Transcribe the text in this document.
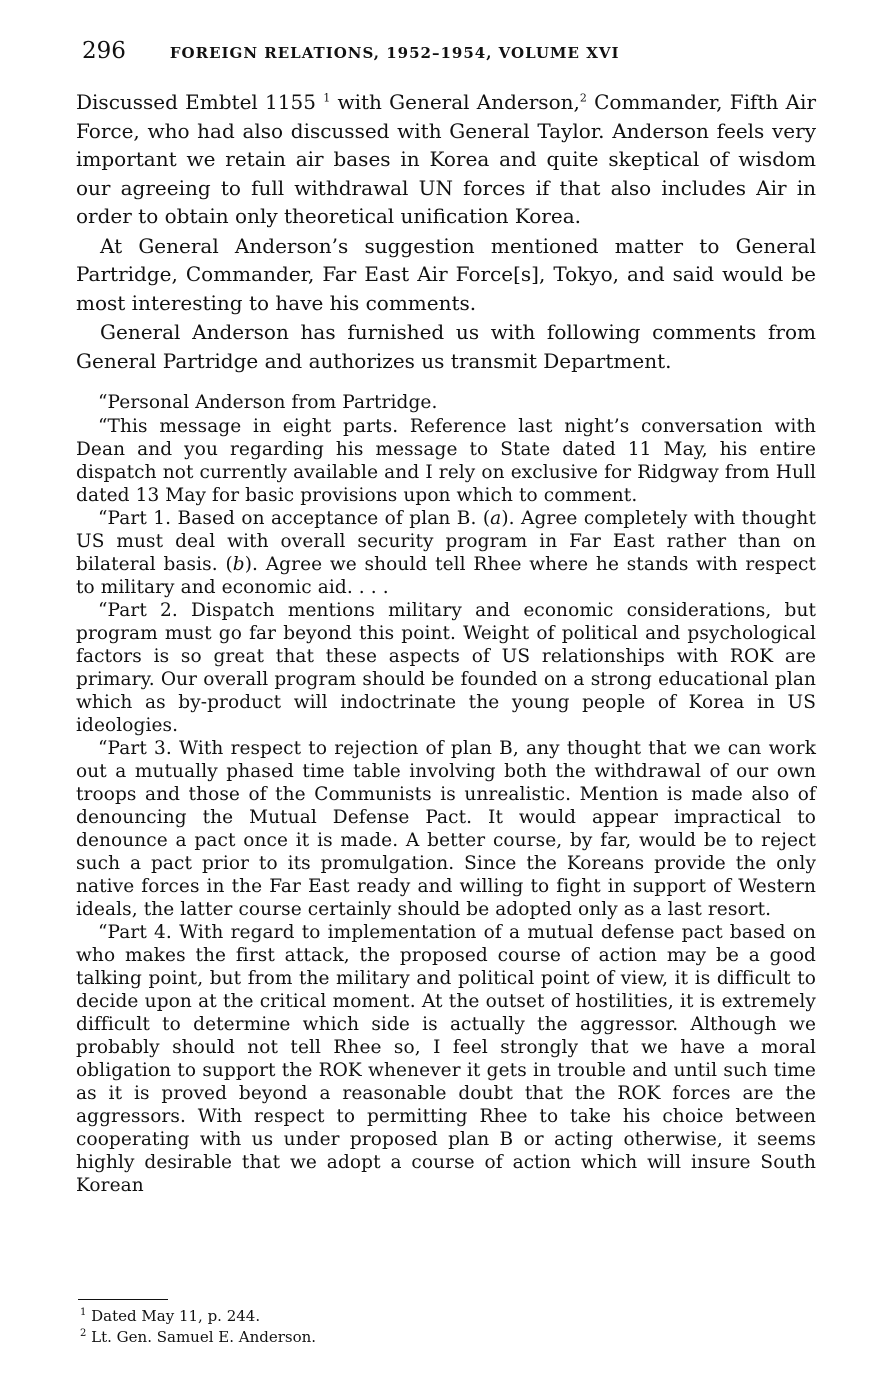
296	FOREIGN RELATIONS, 1952–1954, VOLUME XVI

Discussed Embtel 1155 $^1$ with General Anderson,$^2$ Commander, Fifth Air Force, who had also discussed with General Taylor. Anderson feels very important we retain air bases in Korea and quite skeptical of wisdom our agreeing to full withdrawal UN forces if that also includes Air in order to obtain only theoretical unification Korea.

At General Anderson’s suggestion mentioned matter to General Partridge, Commander, Far East Air Force[s], Tokyo, and said would be most interesting to have his comments.

General Anderson has furnished us with following comments from General Partridge and authorizes us transmit Department.

“Personal Anderson from Partridge.

“This message in eight parts. Reference last night’s conversation with Dean and you regarding his message to State dated 11 May, his entire dispatch not currently available and I rely on exclusive for Ridgway from Hull dated 13 May for basic provisions upon which to comment.

“Part 1. Based on acceptance of plan B. (a). Agree completely with thought US must deal with overall security program in Far East rather than on bilateral basis. (b). Agree we should tell Rhee where he stands with respect to military and economic aid. . . .

“Part 2. Dispatch mentions military and economic considerations, but program must go far beyond this point. Weight of political and psychological factors is so great that these aspects of US relationships with ROK are primary. Our overall program should be founded on a strong educational plan which as by-product will indoctrinate the young people of Korea in US ideologies.

“Part 3. With respect to rejection of plan B, any thought that we can work out a mutually phased time table involving both the withdrawal of our own troops and those of the Communists is unrealistic. Mention is made also of denouncing the Mutual Defense Pact. It would appear impractical to denounce a pact once it is made. A better course, by far, would be to reject such a pact prior to its promulgation. Since the Koreans provide the only native forces in the Far East ready and willing to fight in support of Western ideals, the latter course certainly should be adopted only as a last resort.

“Part 4. With regard to implementation of a mutual defense pact based on who makes the first attack, the proposed course of action may be a good talking point, but from the military and political point of view, it is difficult to decide upon at the critical moment. At the outset of hostilities, it is extremely difficult to determine which side is actually the aggressor. Although we probably should not tell Rhee so, I feel strongly that we have a moral obligation to support the ROK whenever it gets in trouble and until such time as it is proved beyond a reasonable doubt that the ROK forces are the aggressors. With respect to permitting Rhee to take his choice between cooperating with us under proposed plan B or acting otherwise, it seems highly desirable that we adopt a course of action which will insure South Korean

$^1$ Dated May 11, p. 244.
$^2$ Lt. Gen. Samuel E. Anderson.
